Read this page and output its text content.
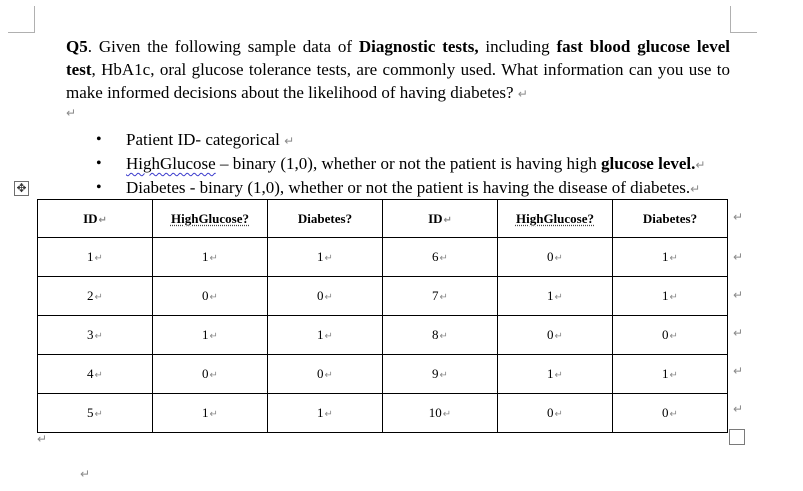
Q5. Given the following sample data of Diagnostic tests, including fast blood glucose level test, HbA1c, oral glucose tolerance tests, are commonly used. What information can you use to make informed decisions about the likelihood of having diabetes? ↵
↵
• Patient ID- categorical ↵
• HighGlucose – binary (1,0), whether or not the patient is having high glucose level.↵
• Diabetes - binary (1,0), whether or not the patient is having the disease of diabetes.↵
✥
ID↵	HighGlucose?	Diabetes?	ID↵	HighGlucose?	Diabetes?
1↵	1↵	1↵	6↵	0↵	1↵
2↵	0↵	0↵	7↵	1↵	1↵
3↵	1↵	1↵	8↵	0↵	0↵
4↵	0↵	0↵	9↵	1↵	1↵
5↵	1↵	1↵	10↵	0↵	0↵
↵
↵
↵
↵
↵
↵
↵
↵
